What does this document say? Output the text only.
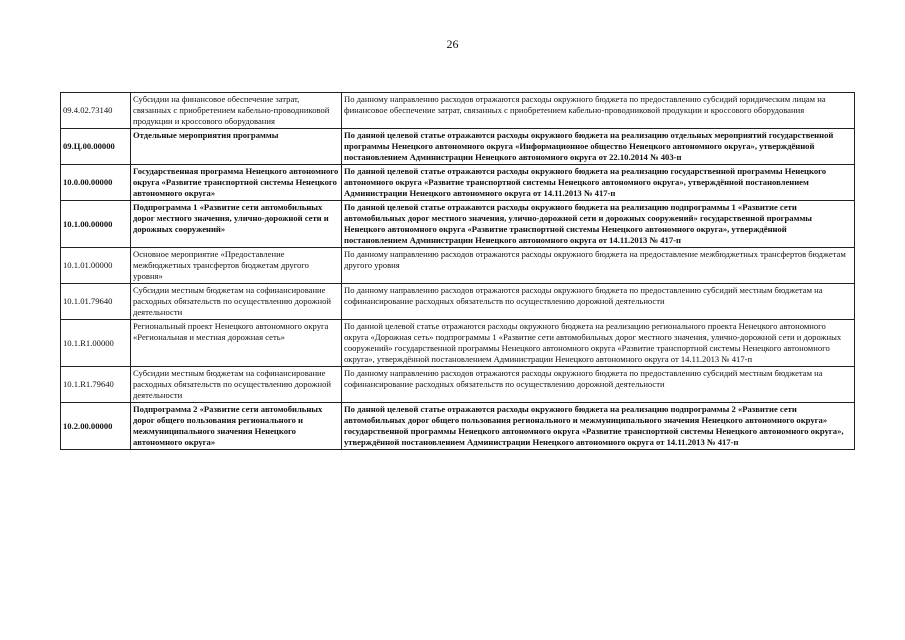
26
09.4.02.73140	Субсидии на финансовое обеспечение затрат, связанных с приобретением кабельно-проводниковой продукции и кроссового оборудования	По данному направлению расходов отражаются расходы окружного бюджета по предоставлению субсидий юридическим лицам на финансовое обеспечение затрат, связанных с приобретением кабельно-проводниковой продукции и кроссового оборудования
09.Ц.00.00000	Отдельные мероприятия программы	По данной целевой статье отражаются расходы окружного бюджета на реализацию отдельных мероприятий государственной программы Ненецкого автономного округа «Информационное общество Ненецкого автономного округа», утверждённой постановлением Администрации Ненецкого автономного округа от 22.10.2014 № 403-п
10.0.00.00000	Государственная программа Ненецкого автономного округа «Развитие транспортной системы Ненецкого автономного округа»	По данной целевой статье отражаются расходы окружного бюджета на реализацию государственной программы Ненецкого автономного округа «Развитие транспортной системы Ненецкого автономного округа», утверждённой постановлением Администрации Ненецкого автономного округа от 14.11.2013 № 417-п
10.1.00.00000	Подпрограмма 1 «Развитие сети автомобильных дорог местного значения, улично-дорожной сети и дорожных сооружений»	По данной целевой статье отражаются расходы окружного бюджета на реализацию подпрограммы 1 «Развитие сети автомобильных дорог местного значения, улично-дорожной сети и дорожных сооружений» государственной программы Ненецкого автономного округа «Развитие транспортной системы Ненецкого автономного округа», утверждённой постановлением Администрации Ненецкого автономного округа от 14.11.2013 № 417-п
10.1.01.00000	Основное мероприятие «Предоставление межбюджетных трансфертов бюджетам другого уровня»	По данному направлению расходов отражаются расходы окружного бюджета на предоставление межбюджетных трансфертов бюджетам другого уровня
10.1.01.79640	Субсидии местным бюджетам на софинансирование расходных обязательств по осуществлению дорожной деятельности	По данному направлению расходов отражаются расходы окружного бюджета по предоставлению субсидий местным бюджетам на софинансирование расходных обязательств по осуществлению дорожной деятельности
10.1.R1.00000	Региональный проект Ненецкого автономного округа «Региональная и местная дорожная сеть»	По данной целевой статье отражаются расходы окружного бюджета на реализацию регионального проекта Ненецкого автономного округа «Дорожная сеть» подпрограммы 1 «Развитие сети автомобильных дорог местного значения, улично-дорожной сети и дорожных сооружений» государственной программы Ненецкого автономного округа «Развитие транспортной системы Ненецкого автономного округа», утверждённой постановлением Администрации Ненецкого автономного округа от 14.11.2013 № 417-п
10.1.R1.79640	Субсидии местным бюджетам на софинансирование расходных обязательств по осуществлению дорожной деятельности	По данному направлению расходов отражаются расходы окружного бюджета по предоставлению субсидий местным бюджетам на софинансирование расходных обязательств по осуществлению дорожной деятельности
10.2.00.00000	Подпрограмма 2 «Развитие сети автомобильных дорог общего пользования регионального и межмуниципального значения Ненецкого автономного округа»	По данной целевой статье отражаются расходы окружного бюджета на реализацию подпрограммы 2 «Развитие сети автомобильных дорог общего пользования регионального и межмуниципального значения Ненецкого автономного округа» государственной программы Ненецкого автономного округа «Развитие транспортной системы Ненецкого автономного округа», утверждённой постановлением Администрации Ненецкого автономного округа от 14.11.2013 № 417-п
